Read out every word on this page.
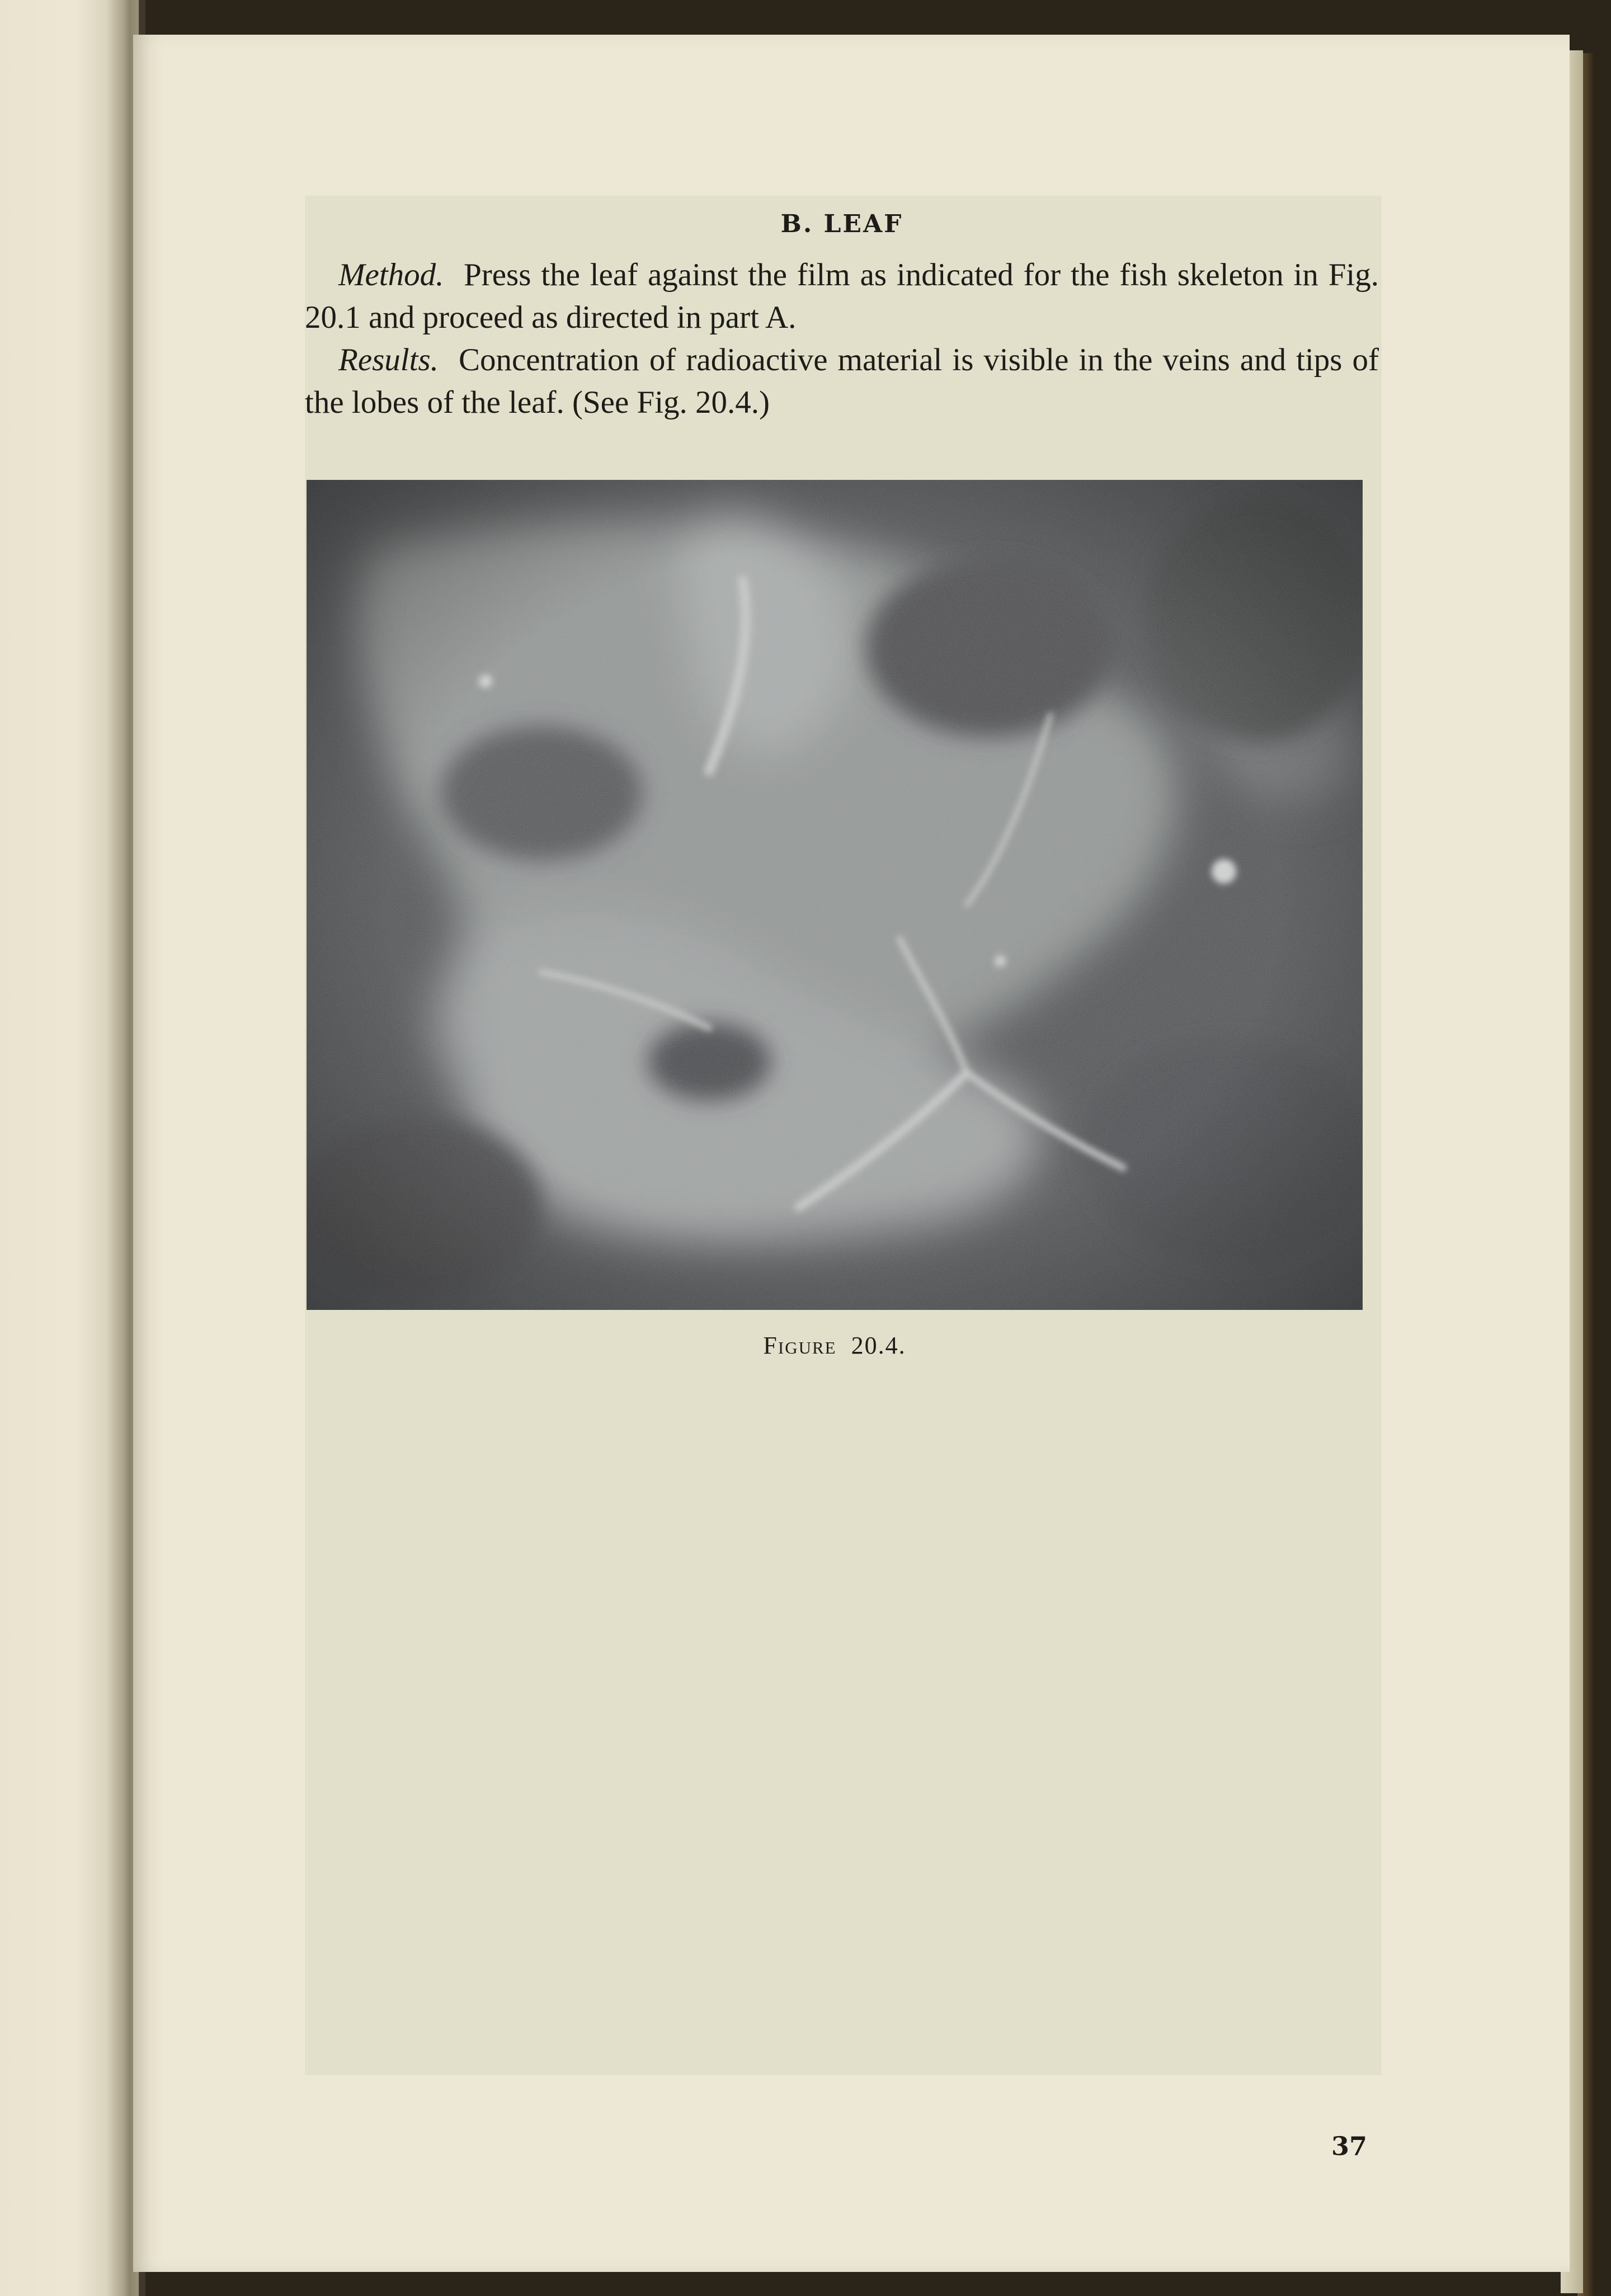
B. LEAF

Method. Press the leaf against the film as indicated for the fish skeleton in Fig. 20.1 and proceed as directed in part A.

Results. Concentration of radioactive material is visible in the veins and tips of the lobes of the leaf. (See Fig. 20.4.)

Figure 20.4.
37
